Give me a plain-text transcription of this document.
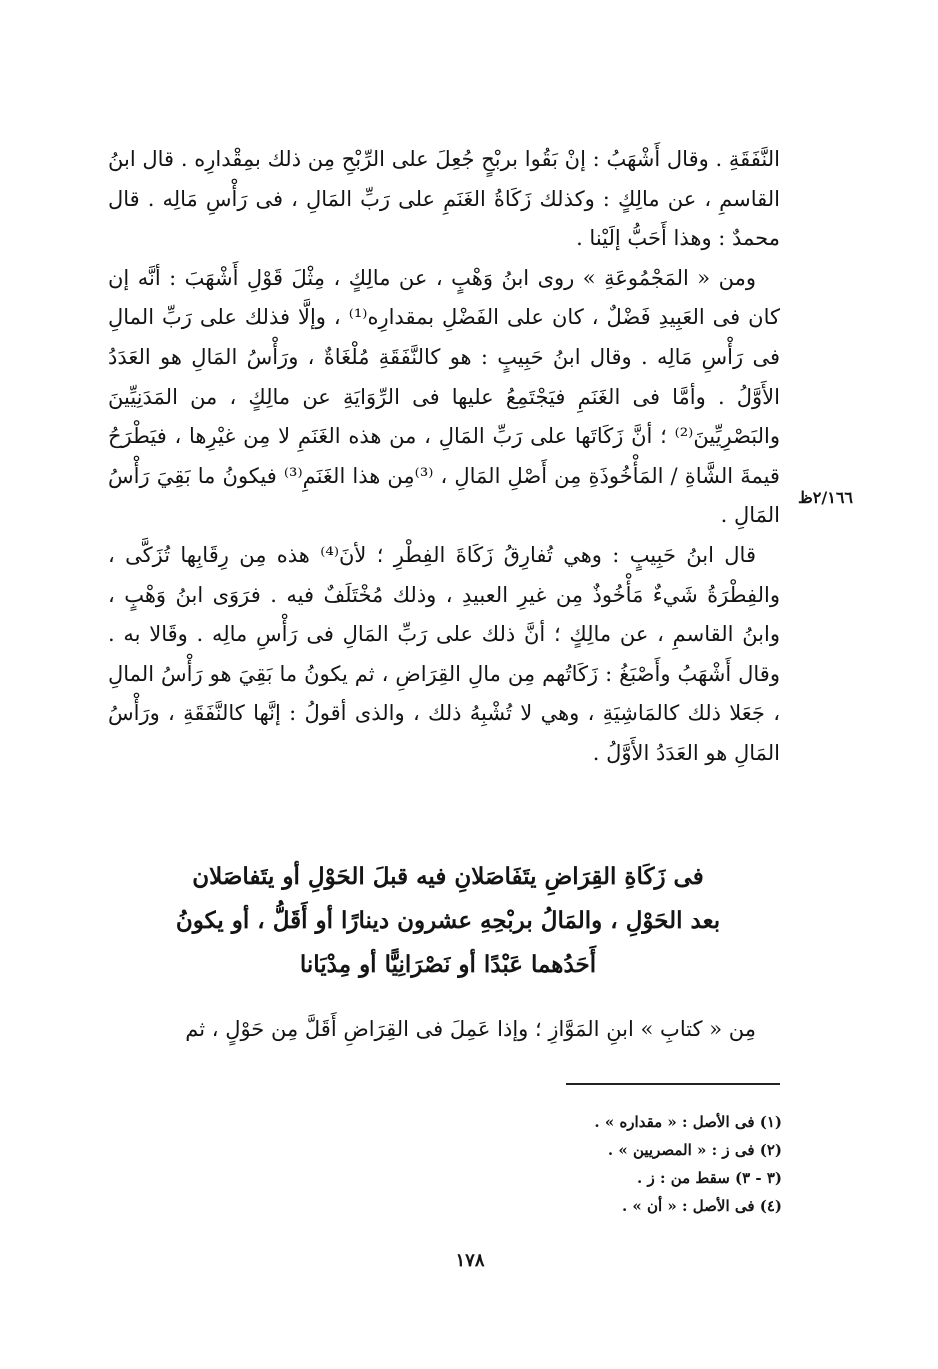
النَّفَقَةِ . وقال أَشْهَبُ : إنْ بَقُوا بربْحٍ جُعِلَ على الرِّبْحِ مِن ذلك بمِقْدارِه . قال ابنُ القاسمِ ، عن مالِكٍ : وكذلك زَكَاةُ الغَنَمِ على رَبِّ المَالِ ، فى رَأْسِ مَالِه . قال محمدٌ : وهذا أَحَبُّ إلَيْنا .

ومن « المَجْمُوعَةِ » روى ابنُ وَهْبٍ ، عن مالِكٍ ، مِثْلَ قَوْلِ أَشْهَبَ : أنَّه إن كان فى العَبِيدِ فَضْلٌ ، كان على الفَضْلِ بمقدارِه⁽¹⁾ ، وإلَّا فذلك على رَبِّ المالِ فى رَأْسِ مَالِه . وقال ابنُ حَبِيبٍ : هو كالنَّفَقَةِ مُلْغَاةٌ ، ورَأْسُ المَالِ هو العَدَدُ الأَوَّلُ . وأمَّا فى الغَنَمِ فيَجْتَمِعُ عليها فى الرِّوَايَةِ عن مالِكٍ ، من المَدَنِيِّينَ والبَصْرِيِّينَ⁽²⁾ ؛ أنَّ زَكَاتَها على رَبِّ المَالِ ، من هذه الغَنَمِ لا مِن غيْرِها ، فيَطْرَحُ قيمةَ الشَّاةِ / المَأْخُوذَةِ مِن أَصْلِ المَالِ ، ⁽³⁾مِن هذا الغَنَمِ⁽³⁾ فيكونُ ما بَقِيَ رَأْسُ المَالِ .

قال ابنُ حَبِيبٍ : وهي تُفارِقُ زَكَاةَ الفِطْرِ ؛ لأنَ⁽⁴⁾ هذه مِن رِقَابِها تُزَكَّى ، والفِطْرَةُ شَيءٌ مَأْخُوذٌ مِن غيرِ العبيدِ ، وذلك مُخْتَلَفٌ فيه . فرَوَى ابنُ وَهْبٍ ، وابنُ القاسمِ ، عن مالِكٍ ؛ أنَّ ذلك على رَبِّ المَالِ فى رَأْسِ مالِه . وقَالا به . وقال أَشْهَبُ وأَصْبَغُ : زَكَاتُهم مِن مالِ القِرَاضِ ، ثم يكونُ ما بَقِيَ هو رَأْسُ المالِ ، جَعَلا ذلك كالمَاشِيَةِ ، وهي لا تُشْبِهُ ذلك ، والذى أقولُ : إنَّها كالنَّفَقَةِ ، ورَأْسُ المَالِ هو العَدَدُ الأَوَّلُ .

٢/١٦٦ظ
فى زَكَاةِ القِرَاضِ يتَفَاصَلانِ فيه قبلَ الحَوْلِ أو يتَفاصَلان
بعد الحَوْلِ ، والمَالُ بربْحِهِ عشرون دينارًا أو أَقَلُّ ، أو يكونُ
أَحَدُهما عَبْدًا أو نَصْرَانِيًّا أو مِدْيَانا

مِن « كتابِ » ابنِ المَوَّازِ ؛ وإذا عَمِلَ فى القِرَاضِ أَقَلَّ مِن حَوْلٍ ، ثم

(١) فى الأصل : « مقداره » .
(٢) فى ز : « المصريين » .
(٣ - ٣) سقط من : ز .
(٤) فى الأصل : « أن » .
١٧٨
